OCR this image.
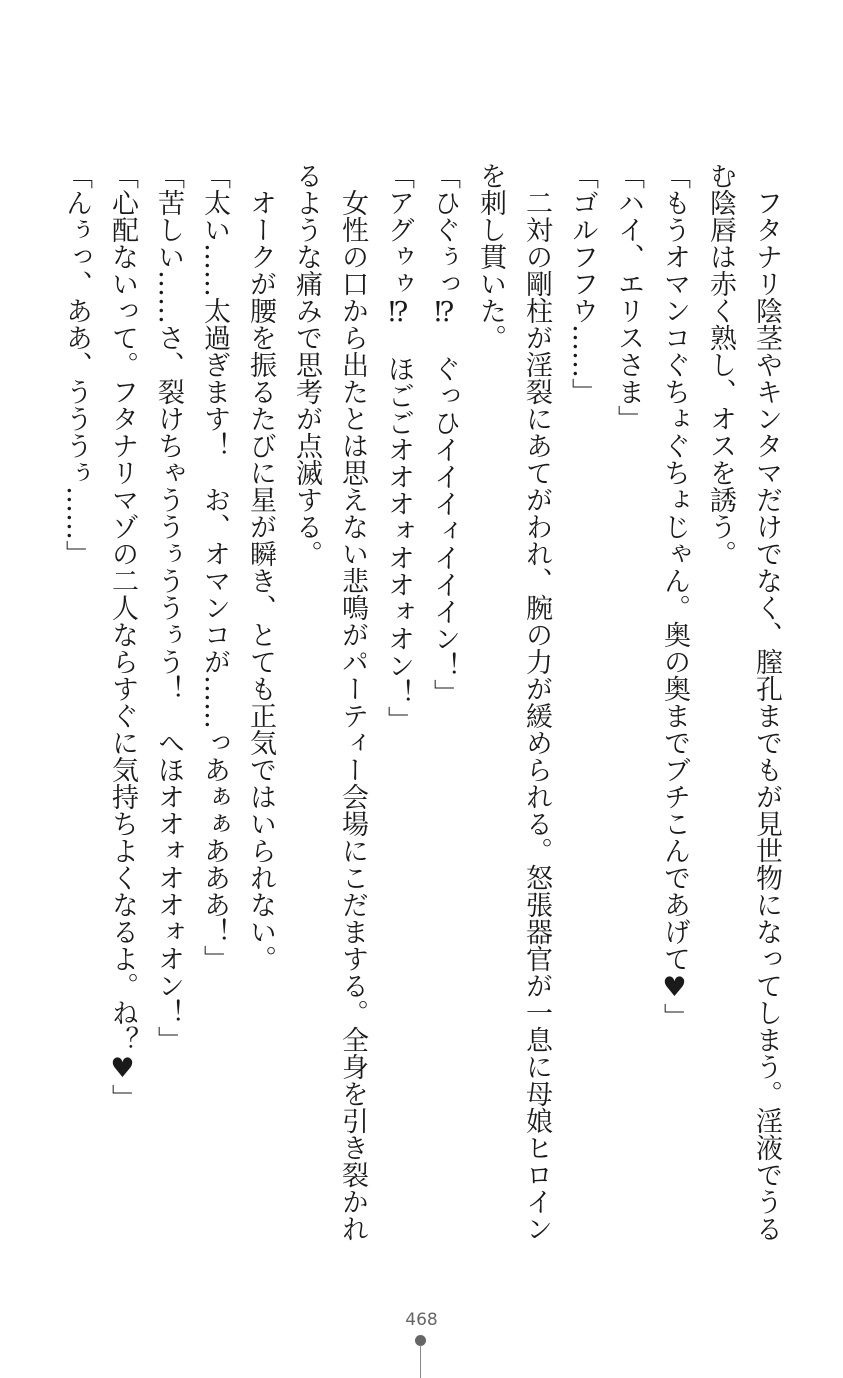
フタナリ陰茎やキンタマだけでなく、膣孔までもが見世物になってしまう。淫液でうる
む陰唇は赤く熟し、オスを誘う。
「もうオマンコぐちょぐちょじゃん。奥の奥までブチこんであげて♥」
「ハイ、エリスさま」
「ゴルフフウ……」
二対の剛柱が淫裂にあてがわれ、腕の力が緩められる。怒張器官が一息に母娘ヒロイン
を刺し貫いた。
「ひぐぅっ⁉　ぐっひイイイィイイイン！」
「アグゥゥ⁉　ほごごオオオォオオォオン！」
女性の口から出たとは思えない悲鳴がパーティー会場にこだまする。全身を引き裂かれ
るような痛みで思考が点滅する。
オークが腰を振るたびに星が瞬き、とても正気ではいられない。
「太い……太過ぎます！　お、オマンコが……っあぁぁあああ！」
「苦しい……さ、裂けちゃううぅううぅう！　へほオオォオオォオン！」
「心配ないって。フタナリマゾの二人ならすぐに気持ちよくなるよ。ね？♥」
「んぅっ、ああ、うううぅ……」
468
